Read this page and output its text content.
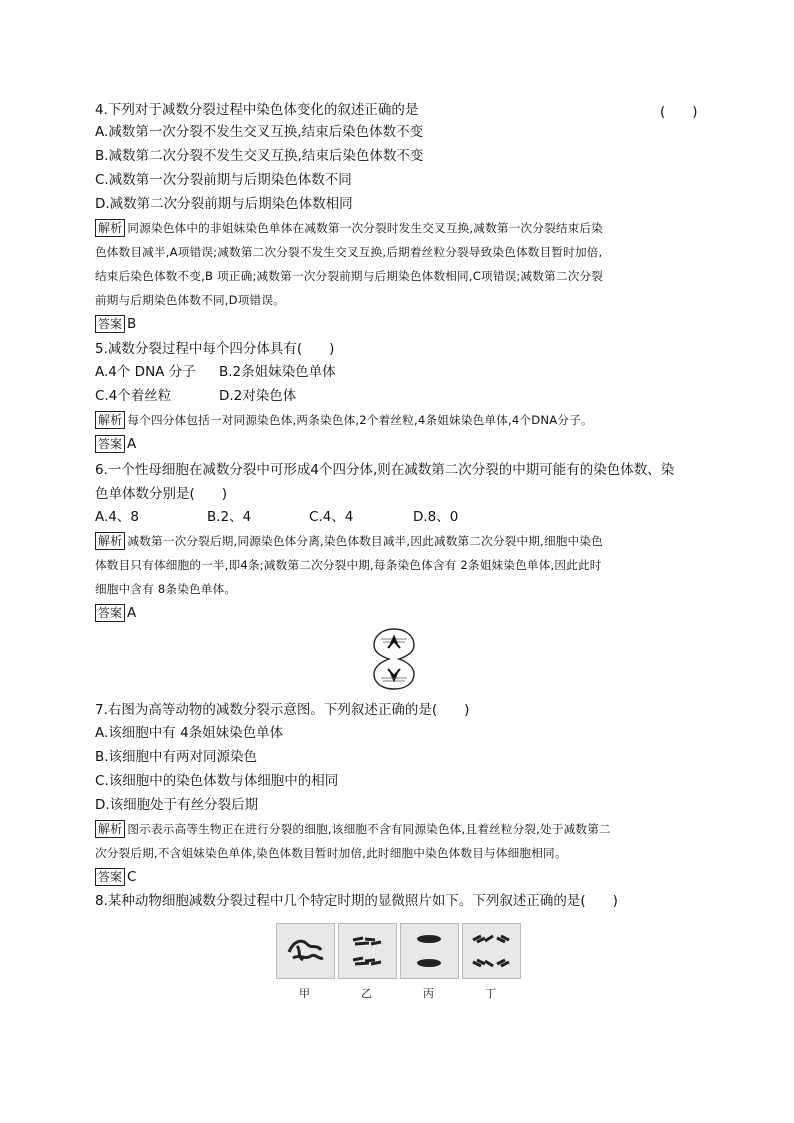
4.下列对于减数分裂过程中染色体变化的叙述正确的是	(　　)
A.减数第一次分裂不发生交叉互换,结束后染色体数不变
B.减数第二次分裂不发生交叉互换,结束后染色体数不变
C.减数第一次分裂前期与后期染色体数不同
D.减数第二次分裂前期与后期染色体数相同
解析 同源染色体中的非姐妹染色单体在减数第一次分裂时发生交叉互换,减数第一次分裂结束后染
色体数目减半,A项错误;减数第二次分裂不发生交叉互换,后期着丝粒分裂导致染色体数目暂时加倍,
结束后染色体数不变,B 项正确;减数第一次分裂前期与后期染色体数相同,C项错误;减数第二次分裂
前期与后期染色体数不同,D项错误。
答案 B
5.减数分裂过程中每个四分体具有(　　)
A.4个 DNA 分子 B.2条姐妹染色单体
C.4个着丝粒	D.2对染色体
解析 每个四分体包括一对同源染色体,两条染色体,2个着丝粒,4条姐妹染色单体,4个DNA分子。
答案 A
6.一个性母细胞在减数分裂中可形成4个四分体,则在减数第二次分裂的中期可能有的染色体数、染
色单体数分别是(　　)
A.4、8	B.2、4	C.4、4	D.8、0
解析 减数第一次分裂后期,同源染色体分离,染色体数目减半,因此减数第二次分裂中期,细胞中染色
体数目只有体细胞的一半,即4条;减数第二次分裂中期,每条染色体含有 2条姐妹染色单体,因此此时
细胞中含有 8条染色单体。
答案 A
7.右图为高等动物的减数分裂示意图。下列叙述正确的是(　　)
A.该细胞中有 4条姐妹染色单体
B.该细胞中有两对同源染色
C.该细胞中的染色体数与体细胞中的相同
D.该细胞处于有丝分裂后期
解析 图示表示高等生物正在进行分裂的细胞,该细胞不含有同源染色体,且着丝粒分裂,处于减数第二
次分裂后期,不含姐妹染色单体,染色体数目暂时加倍,此时细胞中染色体数目与体细胞相同。
答案 C
8.某种动物细胞减数分裂过程中几个特定时期的显微照片如下。下列叙述正确的是(　　)
甲	乙	丙	丁
